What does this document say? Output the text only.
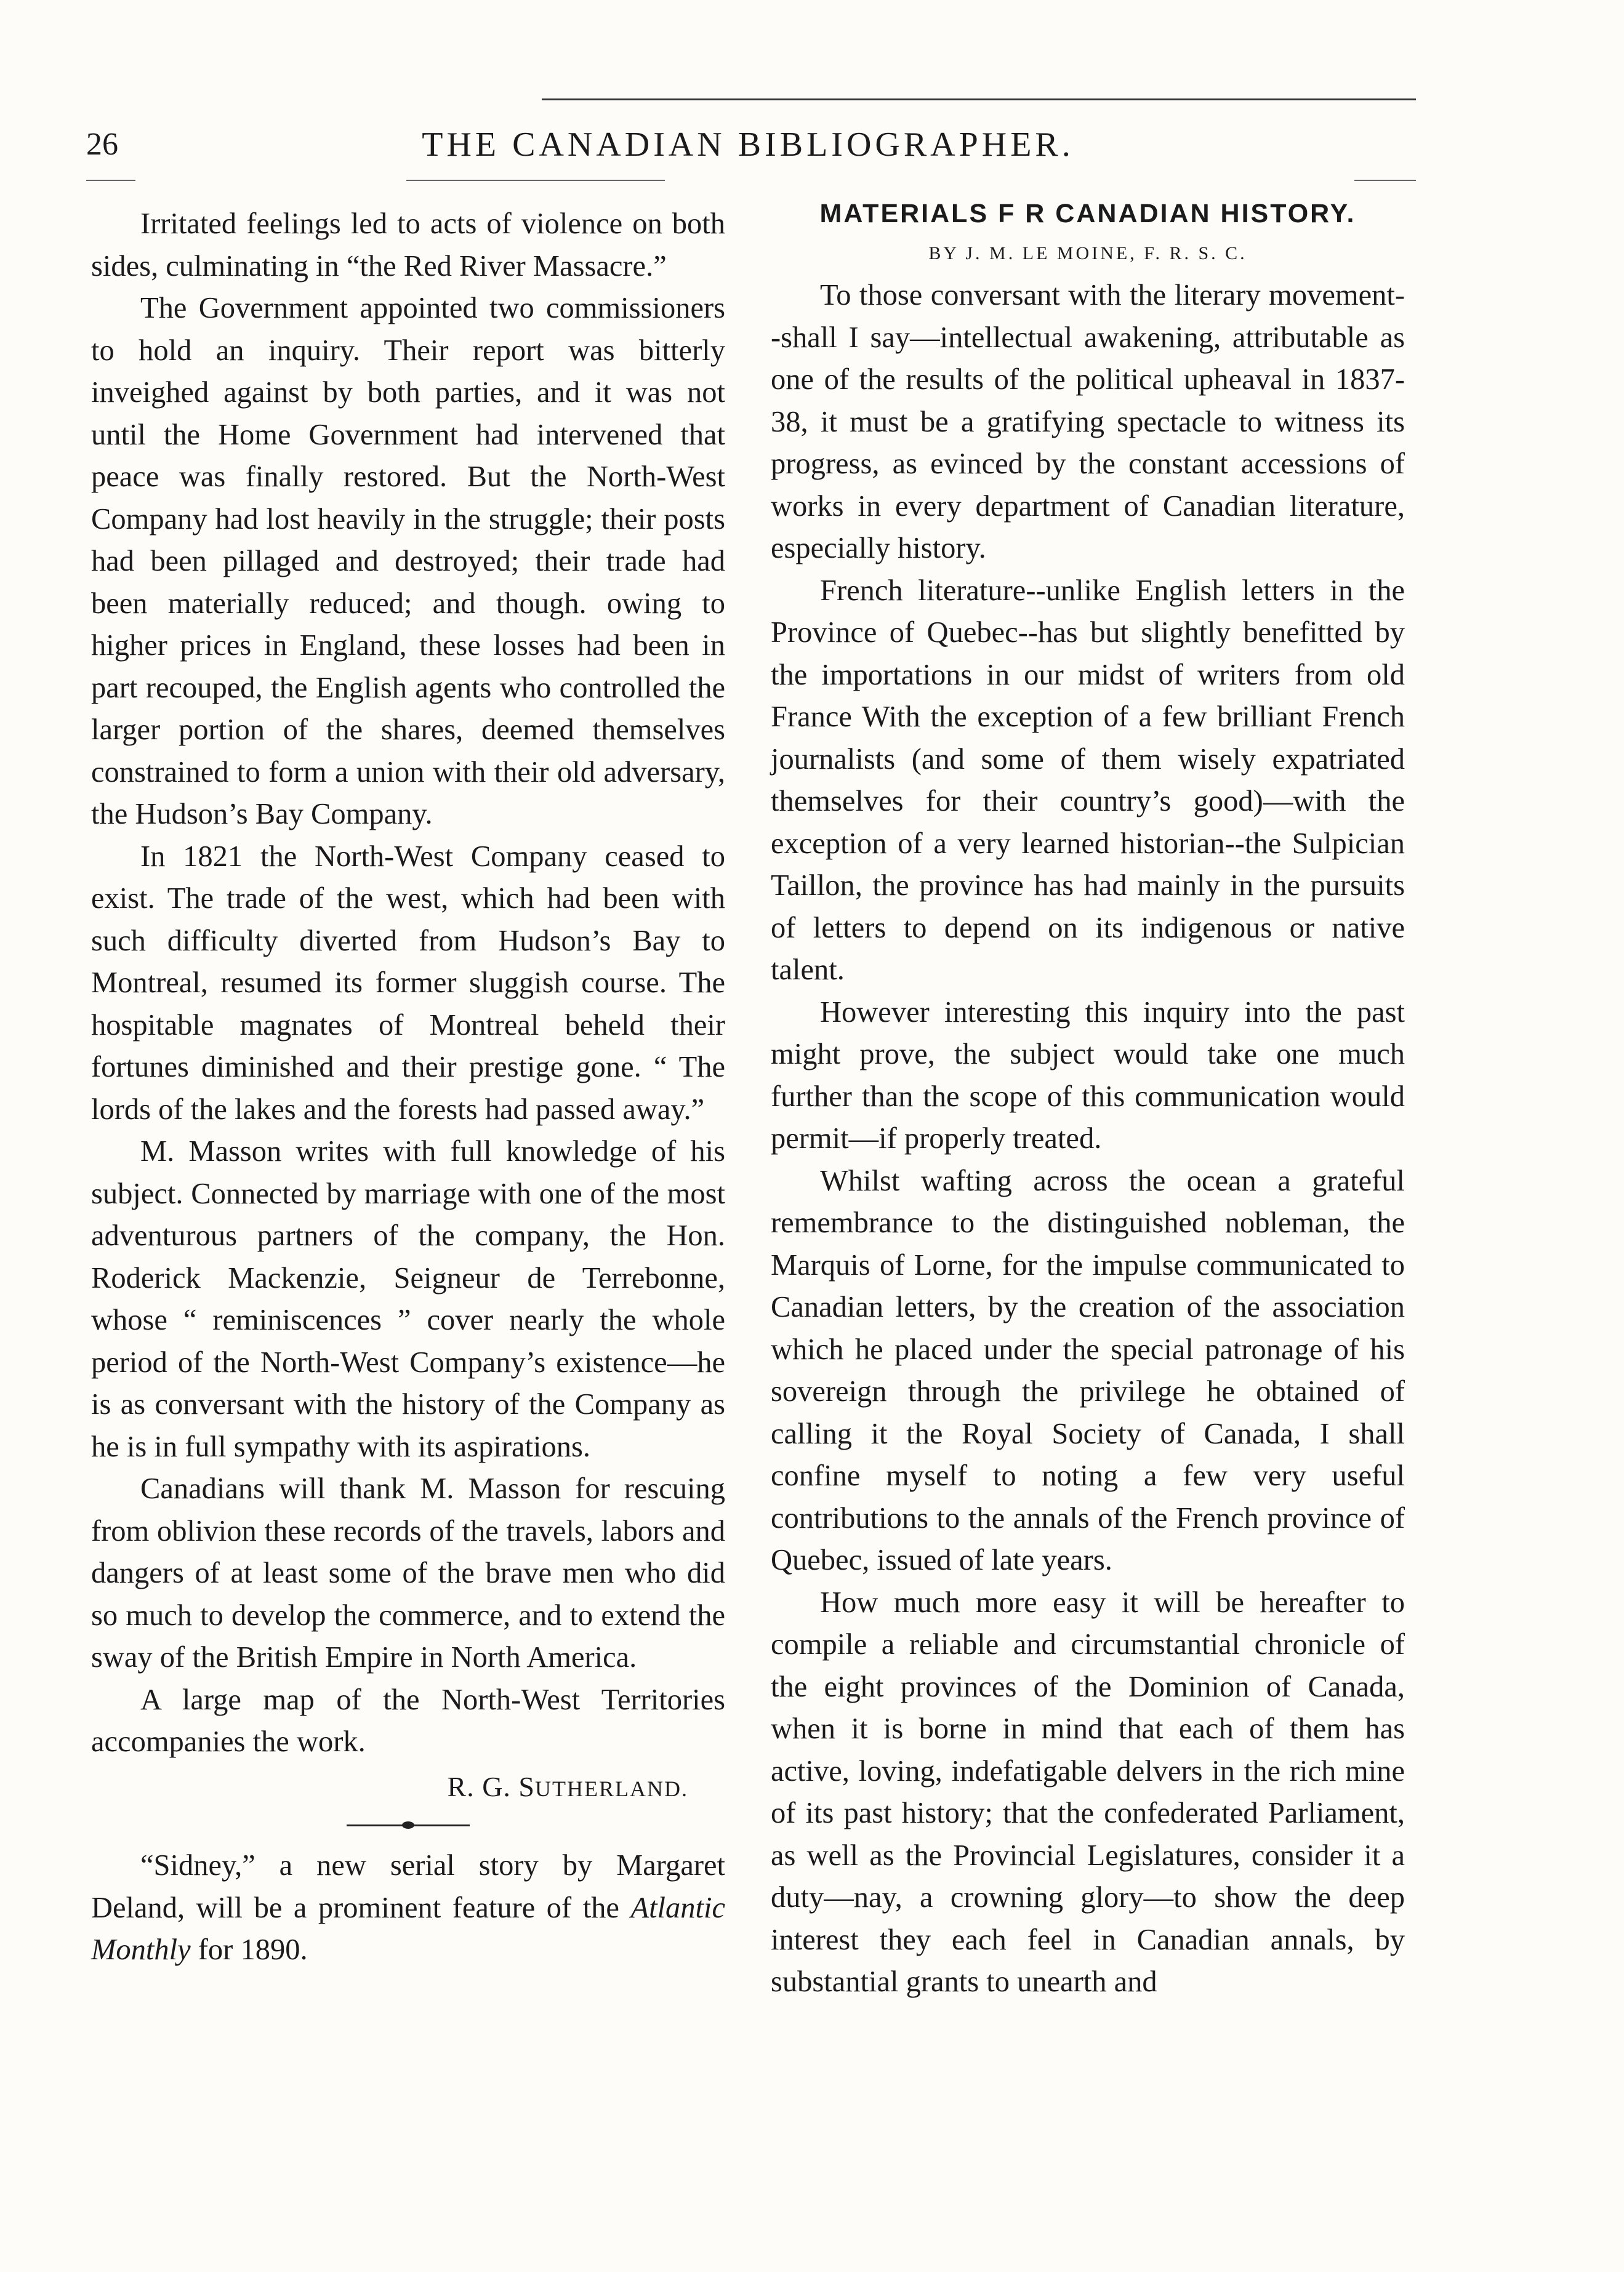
26	THE CANADIAN BIBLIOGRAPHER.

Irritated feelings led to acts of violence on both sides, culminating in “the Red River Massacre.”

The Government appointed two commissioners to hold an inquiry. Their report was bitterly inveighed against by both parties, and it was not until the Home Government had intervened that peace was finally restored. But the North-West Company had lost heavily in the struggle; their posts had been pillaged and destroyed; their trade had been materially reduced; and though. owing to higher prices in England, these losses had been in part recouped, the English agents who controlled the larger portion of the shares, deemed themselves constrained to form a union with their old adversary, the Hudson’s Bay Company.

In 1821 the North-West Company ceased to exist. The trade of the west, which had been with such difficulty diverted from Hudson’s Bay to Montreal, resumed its former sluggish course. The hospitable magnates of Montreal beheld their fortunes diminished and their prestige gone. “ The lords of the lakes and the forests had passed away.”

M. Masson writes with full knowledge of his subject. Connected by marriage with one of the most adventurous partners of the company, the Hon. Roderick Mackenzie, Seigneur de Terrebonne, whose “ reminiscences ” cover nearly the whole period of the North-West Company’s existence—he is as conversant with the history of the Company as he is in full sympathy with its aspirations.

Canadians will thank M. Masson for rescuing from oblivion these records of the travels, labors and dangers of at least some of the brave men who did so much to develop the commerce, and to extend the sway of the British Empire in North America.

A large map of the North-West Territories accompanies the work.

R. G. SUTHERLAND.

“Sidney,” a new serial story by Margaret Deland, will be a prominent feature of the Atlantic Monthly for 1890.

MATERIALS F R CANADIAN HISTORY.
BY J. M. LE MOINE, F. R. S. C.

To those conversant with the literary movement--shall I say—intellectual awakening, attributable as one of the results of the political upheaval in 1837-38, it must be a gratifying spectacle to witness its progress, as evinced by the constant accessions of works in every department of Canadian literature, especially history.

French literature--unlike English letters in the Province of Quebec--has but slightly benefitted by the importations in our midst of writers from old France With the exception of a few brilliant French journalists (and some of them wisely expatriated themselves for their country’s good)—with the exception of a very learned historian--the Sulpician Taillon, the province has had mainly in the pursuits of letters to depend on its indigenous or native talent.

However interesting this inquiry into the past might prove, the subject would take one much further than the scope of this communication would permit—if properly treated.

Whilst wafting across the ocean a grateful remembrance to the distinguished nobleman, the Marquis of Lorne, for the impulse communicated to Canadian letters, by the creation of the association which he placed under the special patronage of his sovereign through the privilege he obtained of calling it the Royal Society of Canada, I shall confine myself to noting a few very useful contributions to the annals of the French province of Quebec, issued of late years.

How much more easy it will be hereafter to compile a reliable and circumstantial chronicle of the eight provinces of the Dominion of Canada, when it is borne in mind that each of them has active, loving, indefatigable delvers in the rich mine of its past history; that the confederated Parliament, as well as the Provincial Legislatures, consider it a duty—nay, a crowning glory—to show the deep interest they each feel in Canadian annals, by substantial grants to unearth and
